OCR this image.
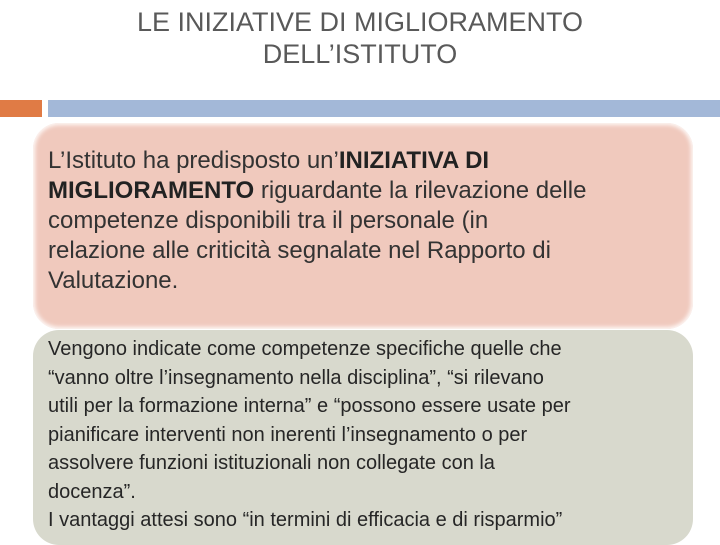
LE INIZIATIVE DI MIGLIORAMENTO
DELL’ISTITUTO
L’Istituto ha predisposto un’INIZIATIVA DI
MIGLIORAMENTO riguardante la rilevazione delle
competenze disponibili tra il personale (in
relazione alle criticità segnalate nel Rapporto di
Valutazione.
Vengono indicate come competenze specifiche quelle che
“vanno oltre l’insegnamento nella disciplina”, “si rilevano
utili per la formazione interna” e “possono essere usate per
pianificare interventi non inerenti l’insegnamento o per
assolvere funzioni istituzionali non collegate con la
docenza”.
I vantaggi attesi sono “in termini di efficacia e di risparmio”
